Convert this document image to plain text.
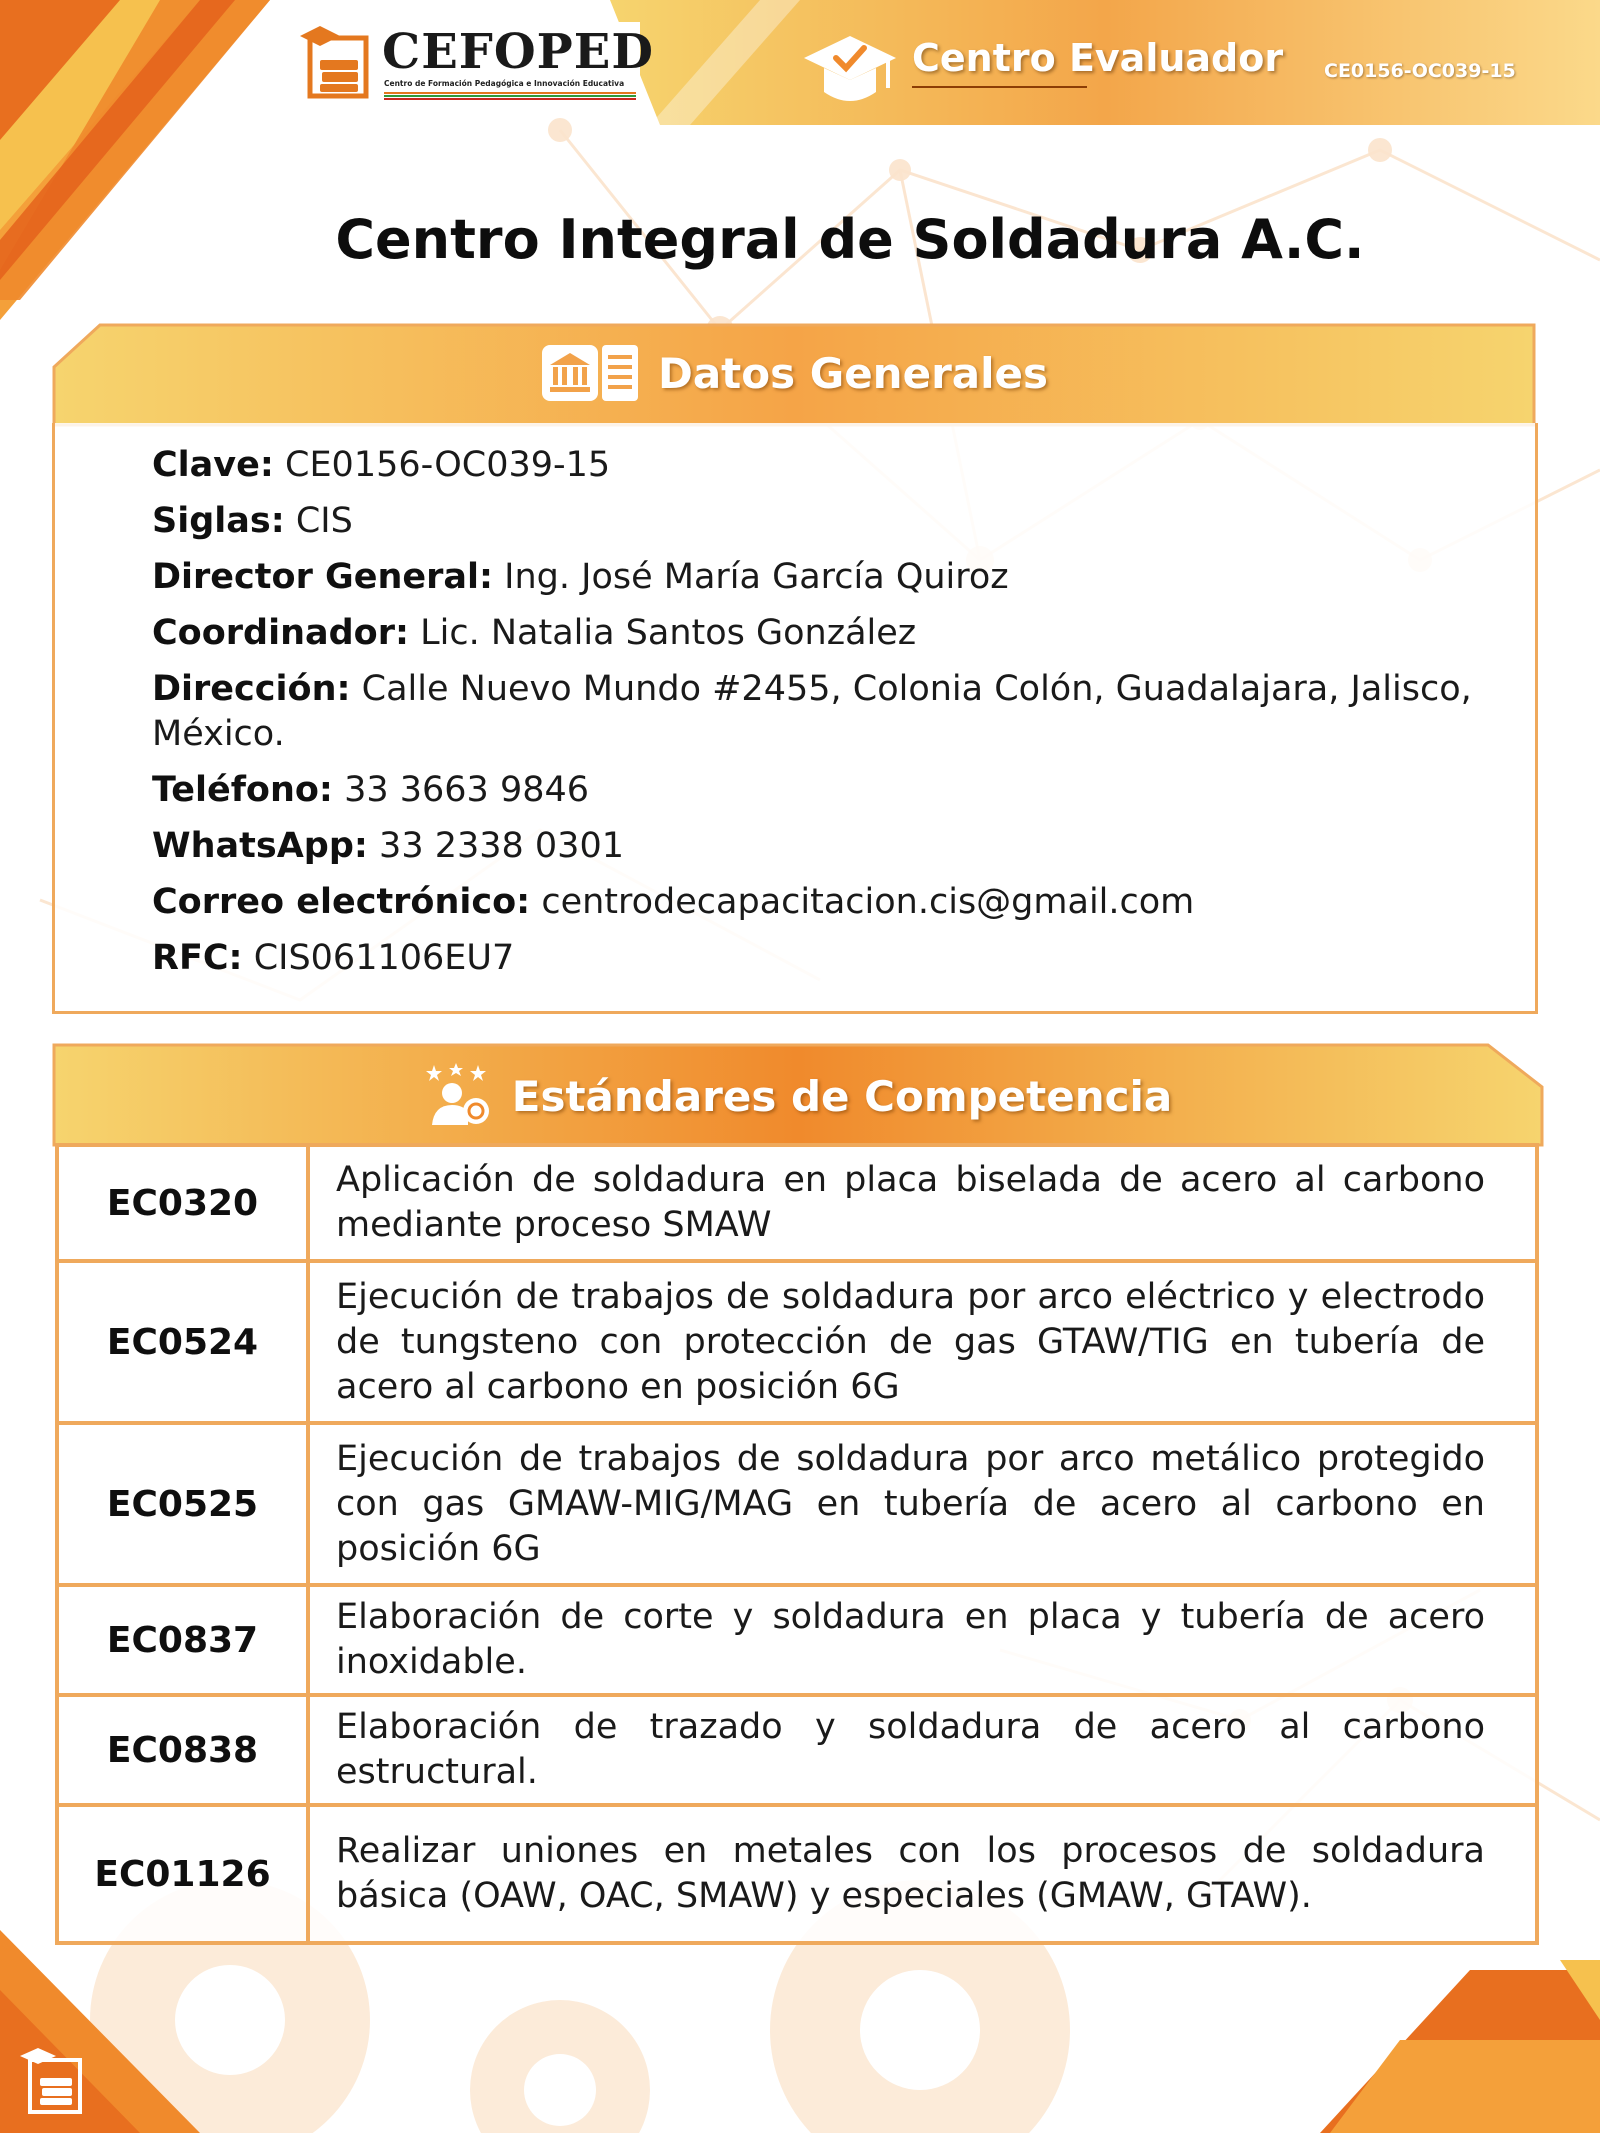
CEFOPED
Centro de Formación Pedagógica e Innovación Educativa
Centro Evaluador CE0156-OC039-15
Centro Integral de Soldadura A.C.
Datos Generales
Clave: CE0156-OC039-15
Siglas: CIS
Director General: Ing. José María García Quiroz
Coordinador: Lic. Natalia Santos González
Dirección: Calle Nuevo Mundo #2455, Colonia Colón, Guadalajara, Jalisco, México.
Teléfono: 33 3663 9846
WhatsApp: 33 2338 0301
Correo electrónico: centrodecapacitacion.cis@gmail.com
RFC: CIS061106EU7
Estándares de Competencia
EC0320	Aplicación de soldadura en placa biselada de acero al carbono mediante proceso SMAW
EC0524	Ejecución de trabajos de soldadura por arco eléctrico y electrodo de tungsteno con protección de gas GTAW/TIG en tubería de acero al carbono en posición 6G
EC0525	Ejecución de trabajos de soldadura por arco metálico protegido con gas GMAW-MIG/MAG en tubería de acero al carbono en posición 6G
EC0837	Elaboración de corte y soldadura en placa y tubería de acero inoxidable.
EC0838	Elaboración de trazado y soldadura de acero al carbono estructural.
EC01126	Realizar uniones en metales con los procesos de soldadura básica (OAW, OAC, SMAW) y especiales (GMAW, GTAW).
